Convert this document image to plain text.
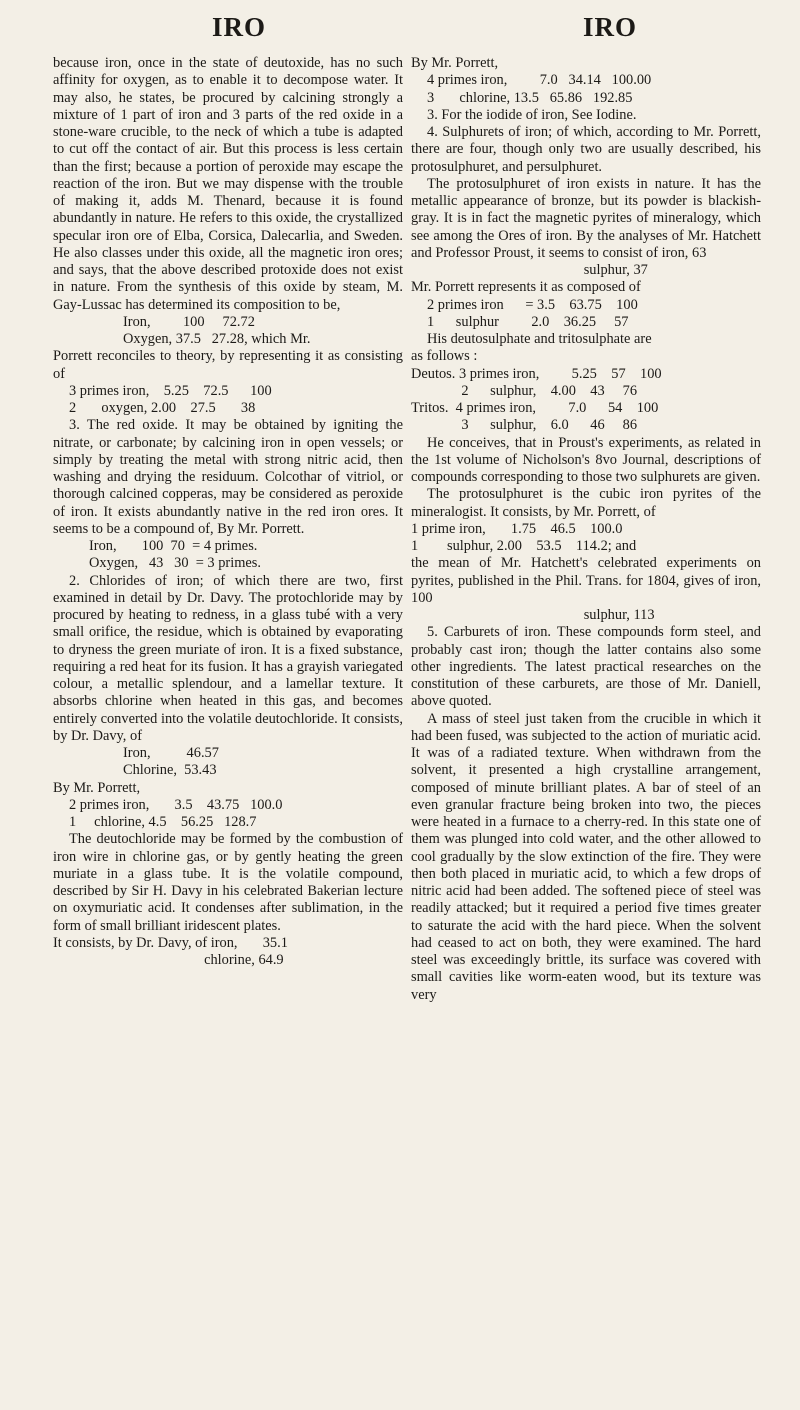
IRO	IRO
because iron, once in the state of deutoxide, has no such affinity for oxygen, as to enable it to decompose water. It may also, he states, be procured by calcining strongly a mixture of 1 part of iron and 3 parts of the red oxide in a stone-ware crucible, to the neck of which a tube is adapted to cut off the contact of air. But this process is less certain than the first; because a portion of peroxide may escape the reaction of the iron. But we may dispense with the trouble of making it, adds M. Thenard, because it is found abundantly in nature. He refers to this oxide, the crystallized specular iron ore of Elba, Corsica, Dalecarlia, and Sweden. He also classes under this oxide, all the magnetic iron ores; and says, that the above described protoxide does not exist in nature. From the synthesis of this oxide by steam, M. Gay-Lussac has determined its composition to be,
Iron,         100     72.72
Oxygen, 37.5   27.28, which Mr.
Porrett reconciles to theory, by representing it as consisting of
3 primes iron,    5.25    72.5      100
2       oxygen, 2.00    27.5       38
3. The red oxide. It may be obtained by igniting the nitrate, or carbonate; by calcining iron in open vessels; or simply by treating the metal with strong nitric acid, then washing and drying the residuum. Colcothar of vitriol, or thorough calcined copperas, may be considered as peroxide of iron. It exists abundantly native in the red iron ores. It seems to be a compound of, By Mr. Porrett.
Iron,       100  70  = 4 primes.
Oxygen,   43   30  = 3 primes.
2. Chlorides of iron; of which there are two, first examined in detail by Dr. Davy. The protochloride may by procured by heating to redness, in a glass tubé with a very small orifice, the residue, which is obtained by evaporating to dryness the green muriate of iron. It is a fixed substance, requiring a red heat for its fusion. It has a grayish variegated colour, a metallic splendour, and a lamellar texture. It absorbs chlorine when heated in this gas, and becomes entirely converted into the volatile deutochloride. It consists, by Dr. Davy, of
Iron,          46.57
Chlorine,  53.43
By Mr. Porrett,
2 primes iron,       3.5    43.75   100.0
1     chlorine, 4.5    56.25   128.7
The deutochloride may be formed by the combustion of iron wire in chlorine gas, or by gently heating the green muriate in a glass tube. It is the volatile compound, described by Sir H. Davy in his celebrated Bakerian lecture on oxymuriatic acid. It condenses after sublimation, in the form of small brilliant iridescent plates.
It consists, by Dr. Davy, of iron,       35.1
chlorine, 64.9
By Mr. Porrett,
4 primes iron,         7.0   34.14   100.00
3       chlorine, 13.5   65.86   192.85
3. For the iodide of iron, See Iodine.
4. Sulphurets of iron; of which, according to Mr. Porrett, there are four, though only two are usually described, his protosulphuret, and persulphuret.
The protosulphuret of iron exists in nature. It has the metallic appearance of bronze, but its powder is blackish-gray. It is in fact the magnetic pyrites of mineralogy, which see among the Ores of iron. By the analyses of Mr. Hatchett and Professor Proust, it seems to consist of iron, 63
sulphur, 37
Mr. Porrett represents it as composed of
2 primes iron      = 3.5    63.75    100
1      sulphur         2.0    36.25     57
His deutosulphate and tritosulphate are
as follows :
Deutos. 3 primes iron,         5.25    57    100
2      sulphur,    4.00    43     76
Tritos.  4 primes iron,         7.0      54    100
3      sulphur,    6.0      46     86
He conceives, that in Proust's experiments, as related in the 1st volume of Nicholson's 8vo Journal, descriptions of compounds corresponding to those two sulphurets are given.
The protosulphuret is the cubic iron pyrites of the mineralogist. It consists, by Mr. Porrett, of
1 prime iron,       1.75    46.5    100.0
1        sulphur, 2.00    53.5    114.2; and
the mean of Mr. Hatchett's celebrated experiments on pyrites, published in the Phil. Trans. for 1804, gives of iron, 100
sulphur, 113
5. Carburets of iron. These compounds form steel, and probably cast iron; though the latter contains also some other ingredients. The latest practical researches on the constitution of these carburets, are those of Mr. Daniell, above quoted.
A mass of steel just taken from the crucible in which it had been fused, was subjected to the action of muriatic acid. It was of a radiated texture. When withdrawn from the solvent, it presented a high crystalline arrangement, composed of minute brilliant plates. A bar of steel of an even granular fracture being broken into two, the pieces were heated in a furnace to a cherry-red. In this state one of them was plunged into cold water, and the other allowed to cool gradually by the slow extinction of the fire. They were then both placed in muriatic acid, to which a few drops of nitric acid had been added. The softened piece of steel was readily attacked; but it required a period five times greater to saturate the acid with the hard piece. When the solvent had ceased to act on both, they were examined. The hard steel was exceedingly brittle, its surface was covered with small cavities like worm-eaten wood, but its texture was very
